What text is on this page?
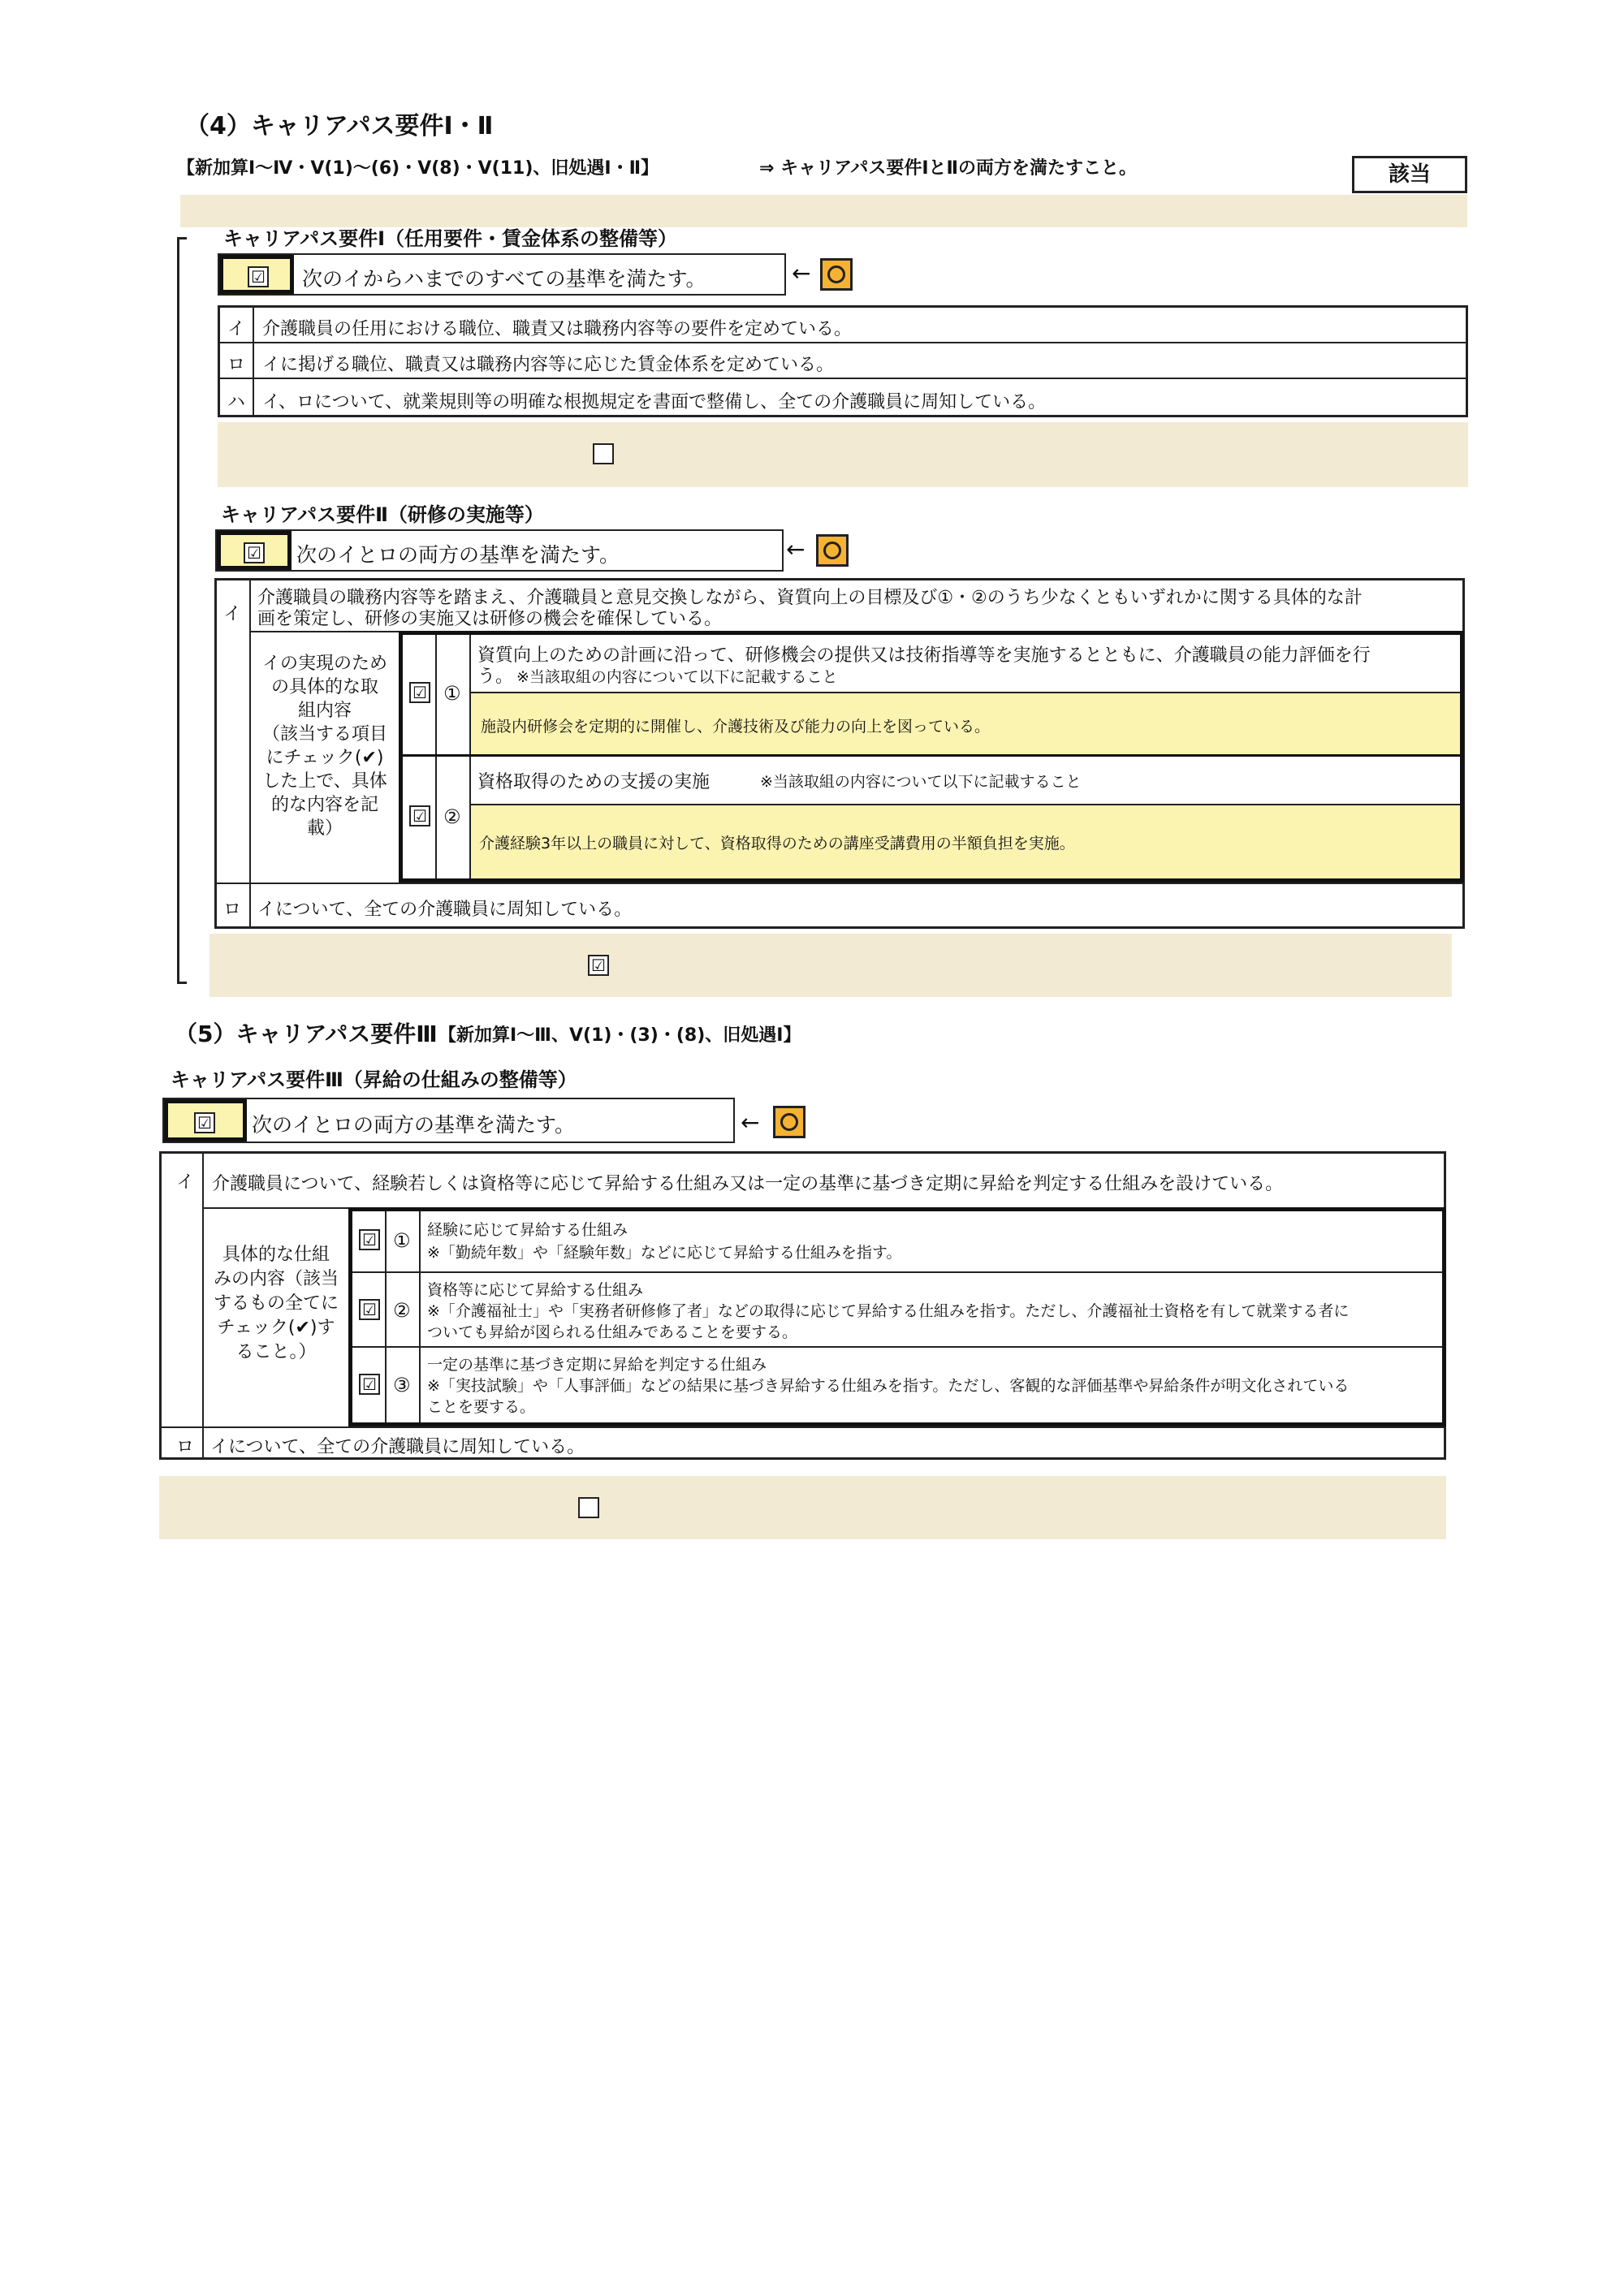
（4）キャリアパス要件Ⅰ・Ⅱ
【新加算Ⅰ～Ⅳ・Ⅴ(1)～(6)・Ⅴ(8)・Ⅴ(11)、旧処遇Ⅰ・Ⅱ】	⇒ キャリアパス要件ⅠとⅡの両方を満たすこと。	該当
キャリアパス要件Ⅰ（任用要件・賃金体系の整備等）
☑ 次のイからハまでのすべての基準を満たす。	←
イ 介護職員の任用における職位、職責又は職務内容等の要件を定めている。
ロ イに掲げる職位、職責又は職務内容等に応じた賃金体系を定めている。
ハ イ、ロについて、就業規則等の明確な根拠規定を書面で整備し、全ての介護職員に周知している。
キャリアパス要件Ⅱ（研修の実施等）
☑ 次のイとロの両方の基準を満たす。	←
イ
介護職員の職務内容等を踏まえ、介護職員と意見交換しながら、資質向上の目標及び①・②のうち少なくともいずれかに関する具体的な計
画を策定し、研修の実施又は研修の機会を確保している。
イの実現のため
の具体的な取
組内容
（該当する項目
にチェック(✔)
した上で、具体
的な内容を記
載）
☑ ①
資質向上のための計画に沿って、研修機会の提供又は技術指導等を実施するとともに、介護職員の能力評価を行
う。 ※当該取組の内容について以下に記載すること
施設内研修会を定期的に開催し、介護技術及び能力の向上を図っている。
☑ ②
資格取得のための支援の実施	※当該取組の内容について以下に記載すること
介護経験3年以上の職員に対して、資格取得のための講座受講費用の半額負担を実施。
ロ イについて、全ての介護職員に周知している。
☑
（5）キャリアパス要件Ⅲ 【新加算Ⅰ～Ⅲ、Ⅴ(1)・(3)・(8)、旧処遇Ⅰ】
キャリアパス要件Ⅲ（昇給の仕組みの整備等）
☑ 次のイとロの両方の基準を満たす。	←
イ 介護職員について、経験若しくは資格等に応じて昇給する仕組み又は一定の基準に基づき定期に昇給を判定する仕組みを設けている。
具体的な仕組
みの内容（該当
するもの全てに
チェック(✔)す
ること。）
☑ ① 経験に応じて昇給する仕組み
※「勤続年数」や「経験年数」などに応じて昇給する仕組みを指す。
☑ ②
資格等に応じて昇給する仕組み
※「介護福祉士」や「実務者研修修了者」などの取得に応じて昇給する仕組みを指す。ただし、介護福祉士資格を有して就業する者に
ついても昇給が図られる仕組みであることを要する。
☑ ③
一定の基準に基づき定期に昇給を判定する仕組み
※「実技試験」や「人事評価」などの結果に基づき昇給する仕組みを指す。ただし、客観的な評価基準や昇給条件が明文化されている
ことを要する。
ロ イについて、全ての介護職員に周知している。
